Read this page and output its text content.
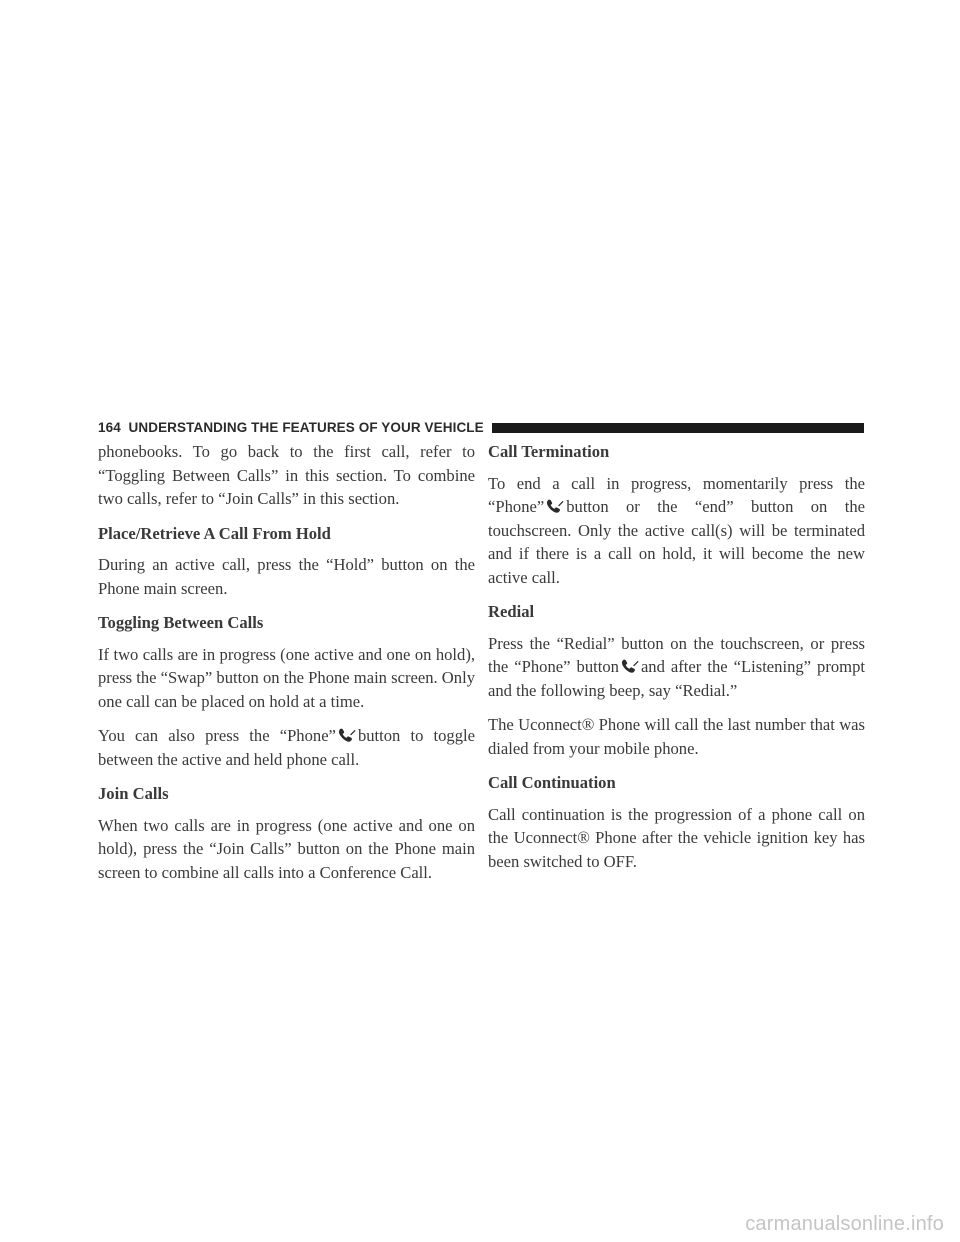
164 UNDERSTANDING THE FEATURES OF YOUR VEHICLE

phonebooks. To go back to the first call, refer to “Toggling Between Calls” in this section. To combine two calls, refer to “Join Calls” in this section.

Place/Retrieve A Call From Hold

During an active call, press the “Hold” button on the Phone main screen.

Toggling Between Calls

If two calls are in progress (one active and one on hold), press the “Swap” button on the Phone main screen. Only one call can be placed on hold at a time.

You can also press the “Phone” button to toggle between the active and held phone call.

Join Calls

When two calls are in progress (one active and one on hold), press the “Join Calls” button on the Phone main screen to combine all calls into a Conference Call.

Call Termination

To end a call in progress, momentarily press the “Phone” button or the “end” button on the touchscreen. Only the active call(s) will be terminated and if there is a call on hold, it will become the new active call.

Redial

Press the “Redial” button on the touchscreen, or press the “Phone” button and after the “Listening” prompt and the following beep, say “Redial.”

The Uconnect® Phone will call the last number that was dialed from your mobile phone.

Call Continuation

Call continuation is the progression of a phone call on the Uconnect® Phone after the vehicle ignition key has been switched to OFF.

carmanualsonline.info
